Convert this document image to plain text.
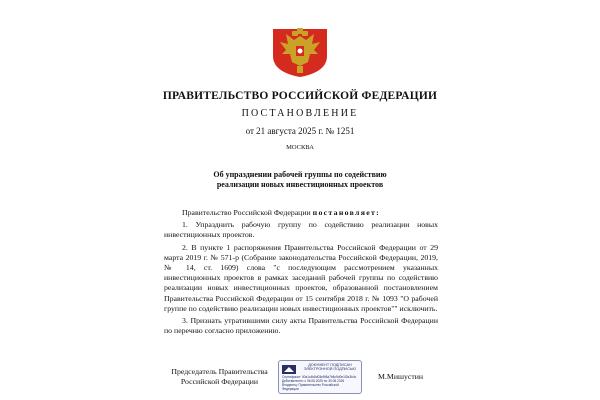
ПРАВИТЕЛЬСТВО РОССИЙСКОЙ ФЕДЕРАЦИИ
ПОСТАНОВЛЕНИЕ
от 21 августа 2025 г. № 1251
МОСКВА
Об упразднении рабочей группы по содействию
реализации новых инвестиционных проектов

Правительство Российской Федерации постановляет:

1. Упразднить рабочую группу по содействию реализации новых инвестиционных проектов.

2. В пункте 1 распоряжения Правительства Российской Федерации от 29 марта 2019 г. № 571-р (Собрание законодательства Российской Федерации, 2019, № 14, ст. 1609) слова "с последующим рассмотрением указанных инвестиционных проектов в рамках заседаний рабочей группы по содействию реализации новых инвестиционных проектов, образованной постановлением Правительства Российской Федерации от 15 сентября 2018 г. № 1093 "О рабочей группе по содействию реализации новых инвестиционных проектов"" исключить.

3. Признать утратившими силу акты Правительства Российской Федерации по перечню согласно приложению.

Председатель Правительства
Российской Федерации
ДОКУМЕНТ ПОДПИСАН ЭЛЕКТРОННОЙ ПОДПИСЬЮ
Сертификат: 00a1c4b8d03e5f6a7b8c9d0e1f2a3b4c
Действителен: с 06.06.2025 по 30.08.2026
Владелец: Правительство Российской
Федерации
М.Мишустин
